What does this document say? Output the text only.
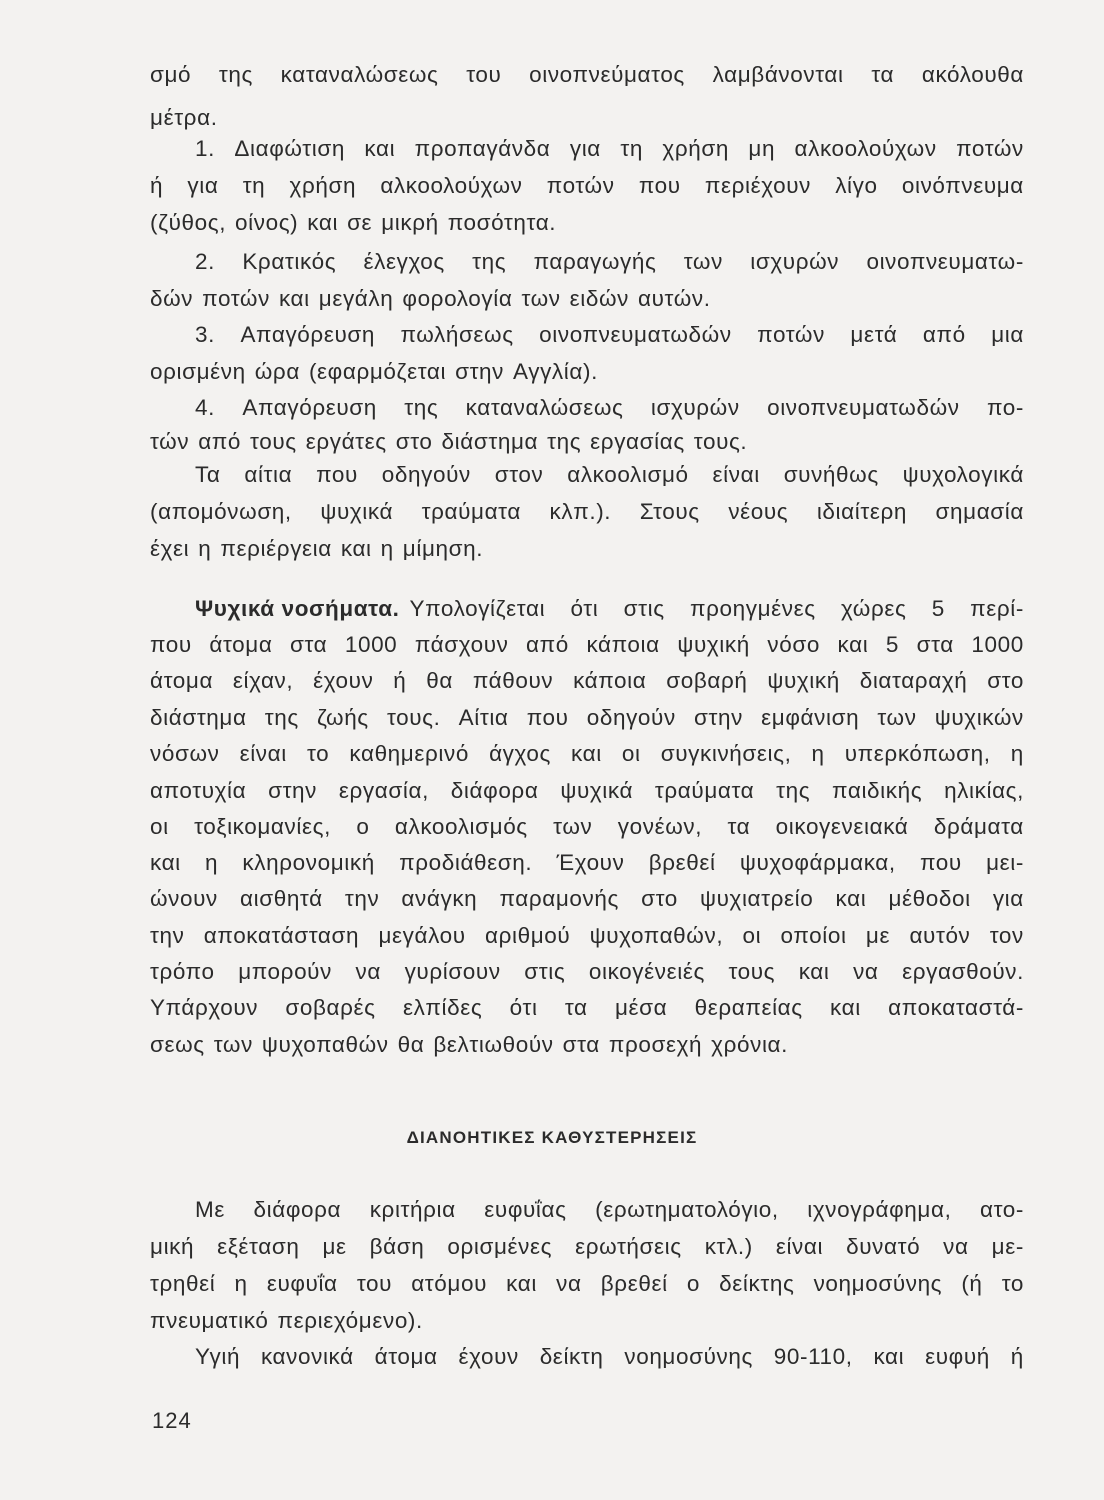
σμό της καταναλώσεως του οινοπνεύματος λαμβάνονται τα ακόλουθα
μέτρα.
1. Διαφώτιση και προπαγάνδα για τη χρήση μη αλκοολούχων ποτών
ή για τη χρήση αλκοολούχων ποτών που περιέχουν λίγο οινόπνευμα
(ζύθος, οίνος) και σε μικρή ποσότητα.
2. Κρατικός έλεγχος της παραγωγής των ισχυρών οινοπνευματω-
δών ποτών και μεγάλη φορολογία των ειδών αυτών.
3. Απαγόρευση πωλήσεως οινοπνευματωδών ποτών μετά από μια
ορισμένη ώρα (εφαρμόζεται στην Αγγλία).
4. Απαγόρευση της καταναλώσεως ισχυρών οινοπνευματωδών πο-
τών από τους εργάτες στο διάστημα της εργασίας τους.
Τα αίτια που οδηγούν στον αλκοολισμό είναι συνήθως ψυχολογικά
(απομόνωση, ψυχικά τραύματα κλπ.). Στους νέους ιδιαίτερη σημασία
έχει η περιέργεια και η μίμηση.
Ψυχικά νοσήματα. Υπολογίζεται ότι στις προηγμένες χώρες 5 περί-
που άτομα στα 1000 πάσχουν από κάποια ψυχική νόσο και 5 στα 1000
άτομα είχαν, έχουν ή θα πάθουν κάποια σοβαρή ψυχική διαταραχή στο
διάστημα της ζωής τους. Αίτια που οδηγούν στην εμφάνιση των ψυχικών
νόσων είναι το καθημερινό άγχος και οι συγκινήσεις, η υπερκόπωση, η
αποτυχία στην εργασία, διάφορα ψυχικά τραύματα της παιδικής ηλικίας,
οι τοξικομανίες, ο αλκοολισμός των γονέων, τα οικογενειακά δράματα
και η κληρονομική προδιάθεση. Έχουν βρεθεί ψυχοφάρμακα, που μει-
ώνουν αισθητά την ανάγκη παραμονής στο ψυχιατρείο και μέθοδοι για
την αποκατάσταση μεγάλου αριθμού ψυχοπαθών, οι οποίοι με αυτόν τον
τρόπο μπορούν να γυρίσουν στις οικογένειές τους και να εργασθούν.
Υπάρχουν σοβαρές ελπίδες ότι τα μέσα θεραπείας και αποκαταστά-
σεως των ψυχοπαθών θα βελτιωθούν στα προσεχή χρόνια.
ΔΙΑΝΟΗΤΙΚΕΣ ΚΑΘΥΣΤΕΡΗΣΕΙΣ
Με διάφορα κριτήρια ευφυΐας (ερωτηματολόγιο, ιχνογράφημα, ατο-
μική εξέταση με βάση ορισμένες ερωτήσεις κτλ.) είναι δυνατό να με-
τρηθεί η ευφυΐα του ατόμου και να βρεθεί ο δείκτης νοημοσύνης (ή το
πνευματικό περιεχόμενο).
Υγιή κανονικά άτομα έχουν δείκτη νοημοσύνης 90-110, και ευφυή ή
124
